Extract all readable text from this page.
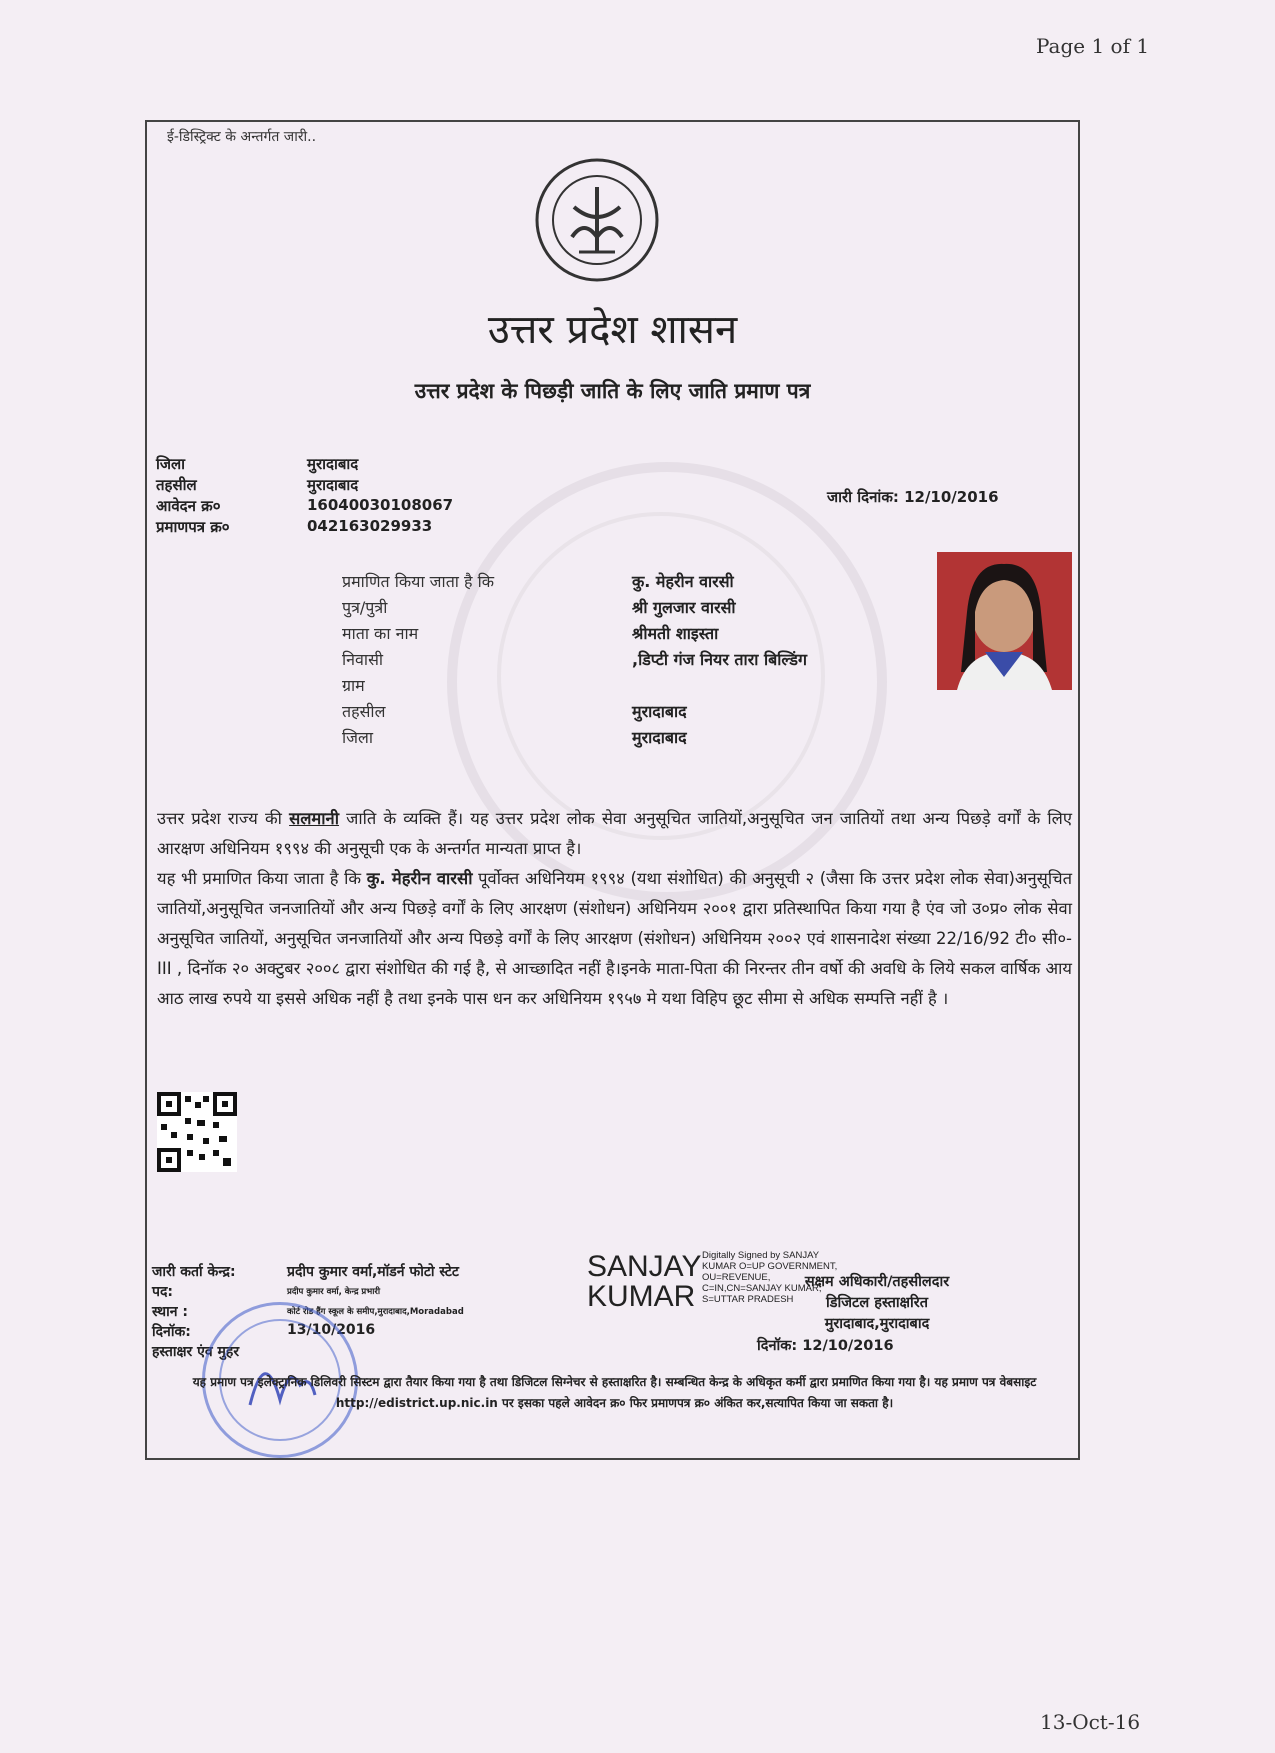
Page 1 of 1
ई-डिस्ट्रिक्ट के अन्तर्गत जारी..
उत्तर प्रदेश शासन
उत्तर प्रदेश के पिछड़ी जाति के लिए जाति प्रमाण पत्र
जिला	मुरादाबाद
तहसील	मुरादाबाद
आवेदन क्र०	16040030108067
प्रमाणपत्र क्र०	042163029933
जारी दिनांक: 12/10/2016
प्रमाणित किया जाता है कि	कु. मेहरीन वारसी
पुत्र/पुत्री	श्री गुलजार वारसी
माता का नाम	श्रीमती शाइस्ता
निवासी	,डिप्टी गंज नियर तारा बिल्डिंग
ग्राम
तहसील	मुरादाबाद
जिला	मुरादाबाद
उत्तर प्रदेश राज्य की सलमानी जाति के व्यक्ति हैं। यह उत्तर प्रदेश लोक सेवा अनुसूचित जातियों,अनुसूचित जन जातियों तथा अन्य पिछड़े वर्गों के लिए आरक्षण अधिनियम १९९४ की अनुसूची एक के अन्तर्गत मान्यता प्राप्त है।
यह भी प्रमाणित किया जाता है कि कु. मेहरीन वारसी पूर्वोक्त अधिनियम १९९४ (यथा संशोधित) की अनुसूची २ (जैसा कि उत्तर प्रदेश लोक सेवा)अनुसूचित जातियों,अनुसूचित जनजातियों और अन्य पिछड़े वर्गों के लिए आरक्षण (संशोधन) अधिनियम २००१ द्वारा प्रतिस्थापित किया गया है एंव जो उ०प्र० लोक सेवा अनुसूचित जातियों, अनुसूचित जनजातियों और अन्य पिछड़े वर्गों के लिए आरक्षण (संशोधन) अधिनियम २००२ एवं शासनादेश संख्या 22/16/92 टी० सी०-III , दिनॉक २० अक्टुबर २००८ द्वारा संशोधित की गई है, से आच्छादित नहीं है।इनके माता-पिता की निरन्तर तीन वर्षो की अवधि के लिये सकल वार्षिक आय आठ लाख रुपये या इससे अधिक नहीं है तथा इनके पास धन कर अधिनियम १९५७ मे यथा विहिप छूट सीमा से अधिक सम्पत्ति नहीं है ।
जारी कर्ता केन्द्र:	प्रदीप कुमार वर्मा,मॉडर्न फोटो स्टेट
पद:	प्रदीप कुमार वर्मा, केन्द्र प्रभारी
स्थान :	कोर्ट रोड हैंग स्कूल के समीप,मुरादाबाद,Moradabad
दिनॉक:	13/10/2016
हस्ताक्षर एंव मुहर
SANJAY
KUMAR
Digitally Signed by SANJAY KUMAR O=UP GOVERNMENT, OU=REVENUE, C=IN,CN=SANJAY KUMAR, S=UTTAR PRADESH
सक्षम अधिकारी/तहसीलदार
डिजिटल हस्ताक्षरित
मुरादाबाद,मुरादाबाद
दिनॉक: 12/10/2016
यह प्रमाण पत्र इलेक्ट्रानिक डिलिवरी सिस्टम द्वारा तैयार किया गया है तथा डिजिटल सिग्नेचर से हस्ताक्षरित है। सम्बन्धित केन्द्र के अधिकृत कर्मी द्वारा प्रमाणित किया गया है। यह प्रमाण पत्र वेबसाइट http://edistrict.up.nic.in पर इसका पहले आवेदन क्र० फिर प्रमाणपत्र क्र० अंकित कर,सत्यापित किया जा सकता है।
13-Oct-16
